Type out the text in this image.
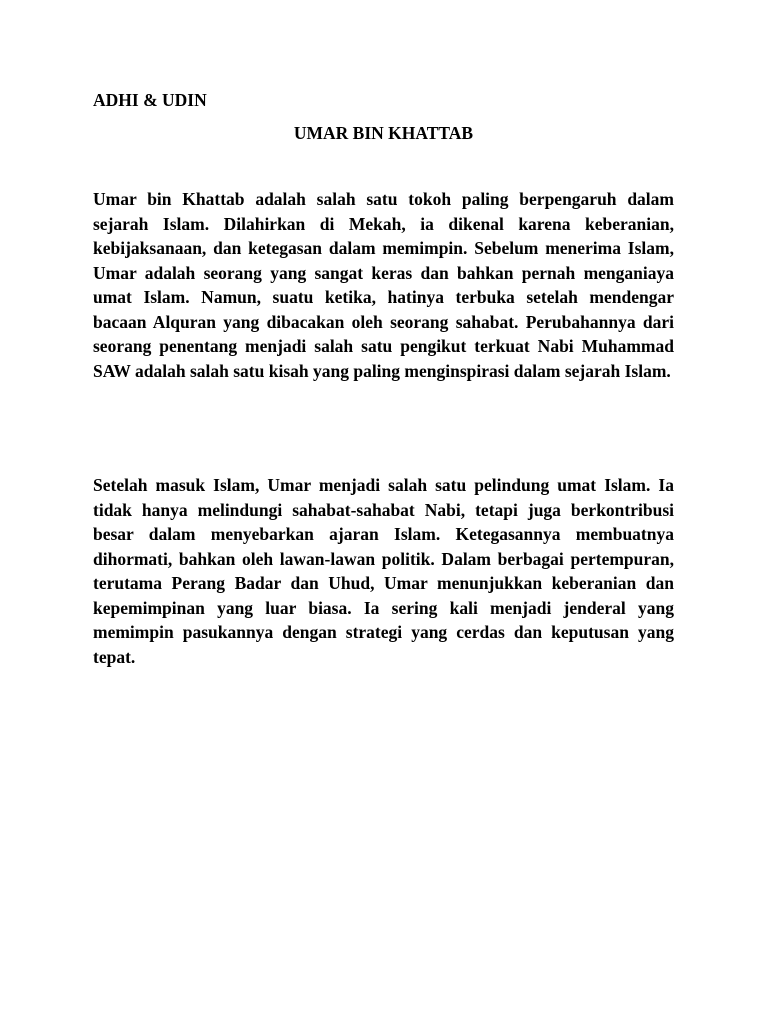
ADHI & UDIN

UMAR BIN KHATTAB

Umar bin Khattab adalah salah satu tokoh paling berpengaruh dalam sejarah Islam. Dilahirkan di Mekah, ia dikenal karena keberanian, kebijaksanaan, dan ketegasan dalam memimpin. Sebelum menerima Islam, Umar adalah seorang yang sangat keras dan bahkan pernah menganiaya umat Islam. Namun, suatu ketika, hatinya terbuka setelah mendengar bacaan Alquran yang dibacakan oleh seorang sahabat. Perubahannya dari seorang penentang menjadi salah satu pengikut terkuat Nabi Muhammad SAW adalah salah satu kisah yang paling menginspirasi dalam sejarah Islam.

Setelah masuk Islam, Umar menjadi salah satu pelindung umat Islam. Ia tidak hanya melindungi sahabat-sahabat Nabi, tetapi juga berkontribusi besar dalam menyebarkan ajaran Islam. Ketegasannya membuatnya dihormati, bahkan oleh lawan-lawan politik. Dalam berbagai pertempuran, terutama Perang Badar dan Uhud, Umar menunjukkan keberanian dan kepemimpinan yang luar biasa. Ia sering kali menjadi jenderal yang memimpin pasukannya dengan strategi yang cerdas dan keputusan yang tepat.
